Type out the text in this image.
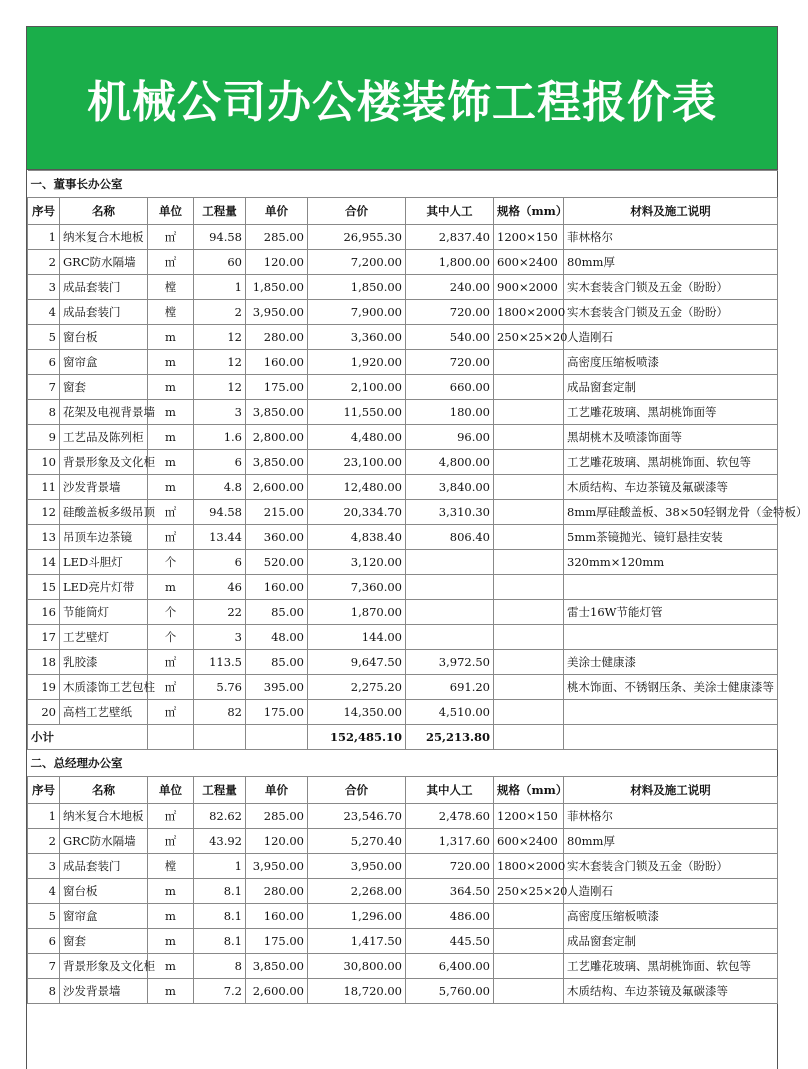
机械公司办公楼装饰工程报价表
一、董事长办公室								
序号	名称	单位	工程量	单价	合价	其中人工	规格（mm）	材料及施工说明
1	纳米复合木地板	㎡	94.58	285.00	26,955.30	2,837.40	1200×150	菲林格尔
2	GRC防水隔墙	㎡	60	120.00	7,200.00	1,800.00	600×2400	80mm厚
3	成品套装门	樘	1	1,850.00	1,850.00	240.00	900×2000	实木套装含门锁及五金（盼盼）
4	成品套装门	樘	2	3,950.00	7,900.00	720.00	1800×2000	实木套装含门锁及五金（盼盼）
5	窗台板	m	12	280.00	3,360.00	540.00	250×25×20	人造刚石
6	窗帘盒	m	12	160.00	1,920.00	720.00		高密度压缩板喷漆
7	窗套	m	12	175.00	2,100.00	660.00		成品窗套定制
8	花架及电视背景墙	m	3	3,850.00	11,550.00	180.00		工艺雕花玻璃、黑胡桃饰面等
9	工艺品及陈列柜	m	1.6	2,800.00	4,480.00	96.00		黑胡桃木及喷漆饰面等
10	背景形象及文化柜	m	6	3,850.00	23,100.00	4,800.00		工艺雕花玻璃、黑胡桃饰面、软包等
11	沙发背景墙	m	4.8	2,600.00	12,480.00	3,840.00		木质结构、车边茶镜及氟碳漆等
12	硅酸盖板多级吊顶	㎡	94.58	215.00	20,334.70	3,310.30		8mm厚硅酸盖板、38×50轻钢龙骨（金特板）
13	吊顶车边茶镜	㎡	13.44	360.00	4,838.40	806.40		5mm茶镜抛光、镜钉悬挂安装
14	LED斗胆灯	个	6	520.00	3,120.00			320mm×120mm
15	LED亮片灯带	m	46	160.00	7,360.00			
16	节能筒灯	个	22	85.00	1,870.00			雷士16W节能灯管
17	工艺壁灯	个	3	48.00	144.00			
18	乳胶漆	㎡	113.5	85.00	9,647.50	3,972.50		美涂士健康漆
19	木质漆饰工艺包柱	㎡	5.76	395.00	2,275.20	691.20		桃木饰面、不锈钢压条、美涂士健康漆等
20	高档工艺壁纸	㎡	82	175.00	14,350.00	4,510.00		
小计					152,485.10	25,213.80		
二、总经理办公室								
序号	名称	单位	工程量	单价	合价	其中人工	规格（mm）	材料及施工说明
1	纳米复合木地板	㎡	82.62	285.00	23,546.70	2,478.60	1200×150	菲林格尔
2	GRC防水隔墙	㎡	43.92	120.00	5,270.40	1,317.60	600×2400	80mm厚
3	成品套装门	樘	1	3,950.00	3,950.00	720.00	1800×2000	实木套装含门锁及五金（盼盼）
4	窗台板	m	8.1	280.00	2,268.00	364.50	250×25×20	人造刚石
5	窗帘盒	m	8.1	160.00	1,296.00	486.00		高密度压缩板喷漆
6	窗套	m	8.1	175.00	1,417.50	445.50		成品窗套定制
7	背景形象及文化柜	m	8	3,850.00	30,800.00	6,400.00		工艺雕花玻璃、黑胡桃饰面、软包等
8	沙发背景墙	m	7.2	2,600.00	18,720.00	5,760.00		木质结构、车边茶镜及氟碳漆等
